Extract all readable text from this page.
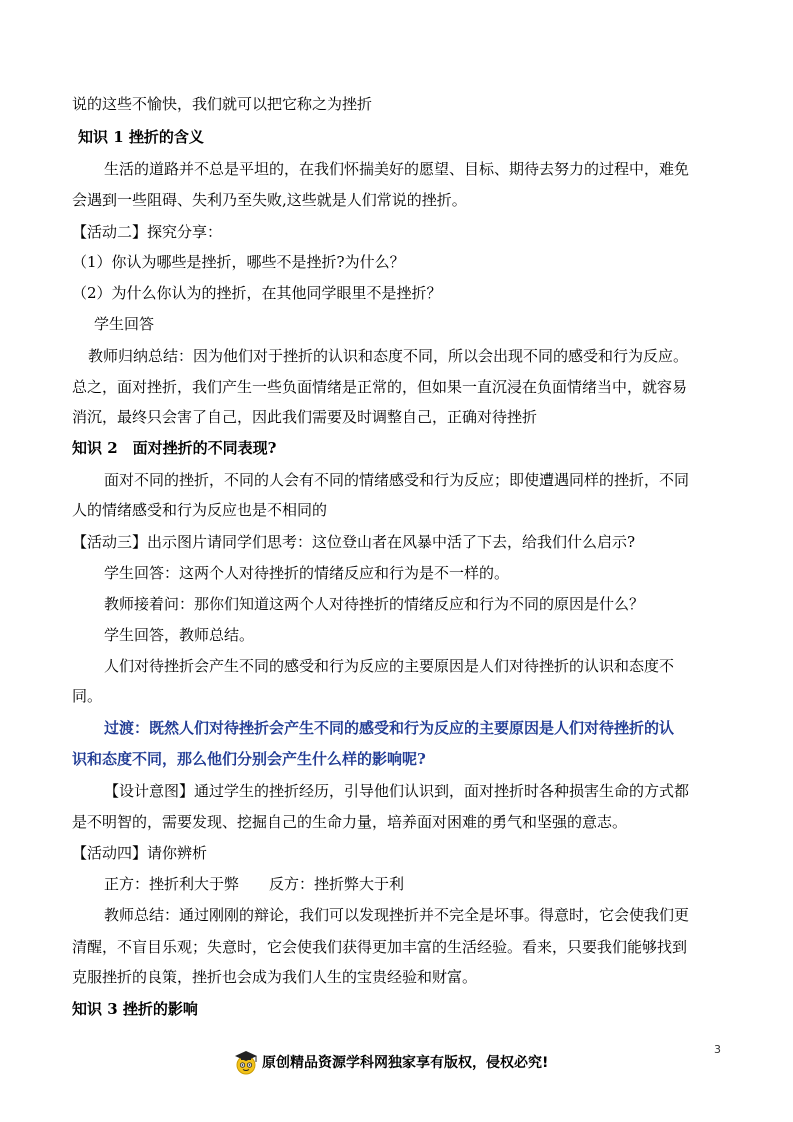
说的这些不愉快，我们就可以把它称之为挫折
知识 1 挫折的含义
生活的道路并不总是平坦的，在我们怀揣美好的愿望、目标、期待去努力的过程中，难免
会遇到一些阻碍、失利乃至失败,这些就是人们常说的挫折。
【活动二】探究分享：
（1）你认为哪些是挫折，哪些不是挫折?为什么？
（2）为什么你认为的挫折，在其他同学眼里不是挫折？
学生回答
教师归纳总结：因为他们对于挫折的认识和态度不同，所以会出现不同的感受和行为反应。
总之，面对挫折，我们产生一些负面情绪是正常的，但如果一直沉浸在负面情绪当中，就容易
消沉，最终只会害了自己，因此我们需要及时调整自己，正确对待挫折
知识 2　面对挫折的不同表现?
面对不同的挫折，不同的人会有不同的情绪感受和行为反应；即使遭遇同样的挫折，不同
人的情绪感受和行为反应也是不相同的
【活动三】出示图片请同学们思考：这位登山者在风暴中活了下去，给我们什么启示?
学生回答：这两个人对待挫折的情绪反应和行为是不一样的。
教师接着问：那你们知道这两个人对待挫折的情绪反应和行为不同的原因是什么？
学生回答，教师总结。
人们对待挫折会产生不同的感受和行为反应的主要原因是人们对待挫折的认识和态度不
同。
过渡：既然人们对待挫折会产生不同的感受和行为反应的主要原因是人们对待挫折的认
识和态度不同，那么他们分别会产生什么样的影响呢?
【设计意图】通过学生的挫折经历，引导他们认识到，面对挫折时各种损害生命的方式都
是不明智的，需要发现、挖掘自己的生命力量，培养面对困难的勇气和坚强的意志。
【活动四】请你辨析
正方：挫折利大于弊　　反方：挫折弊大于利
教师总结：通过刚刚的辩论，我们可以发现挫折并不完全是坏事。得意时，它会使我们更
清醒，不盲目乐观；失意时，它会使我们获得更加丰富的生活经验。看来，只要我们能够找到
克服挫折的良策，挫折也会成为我们人生的宝贵经验和财富。
知识 3 挫折的影响
3
原创精品资源学科网独家享有版权，侵权必究!
